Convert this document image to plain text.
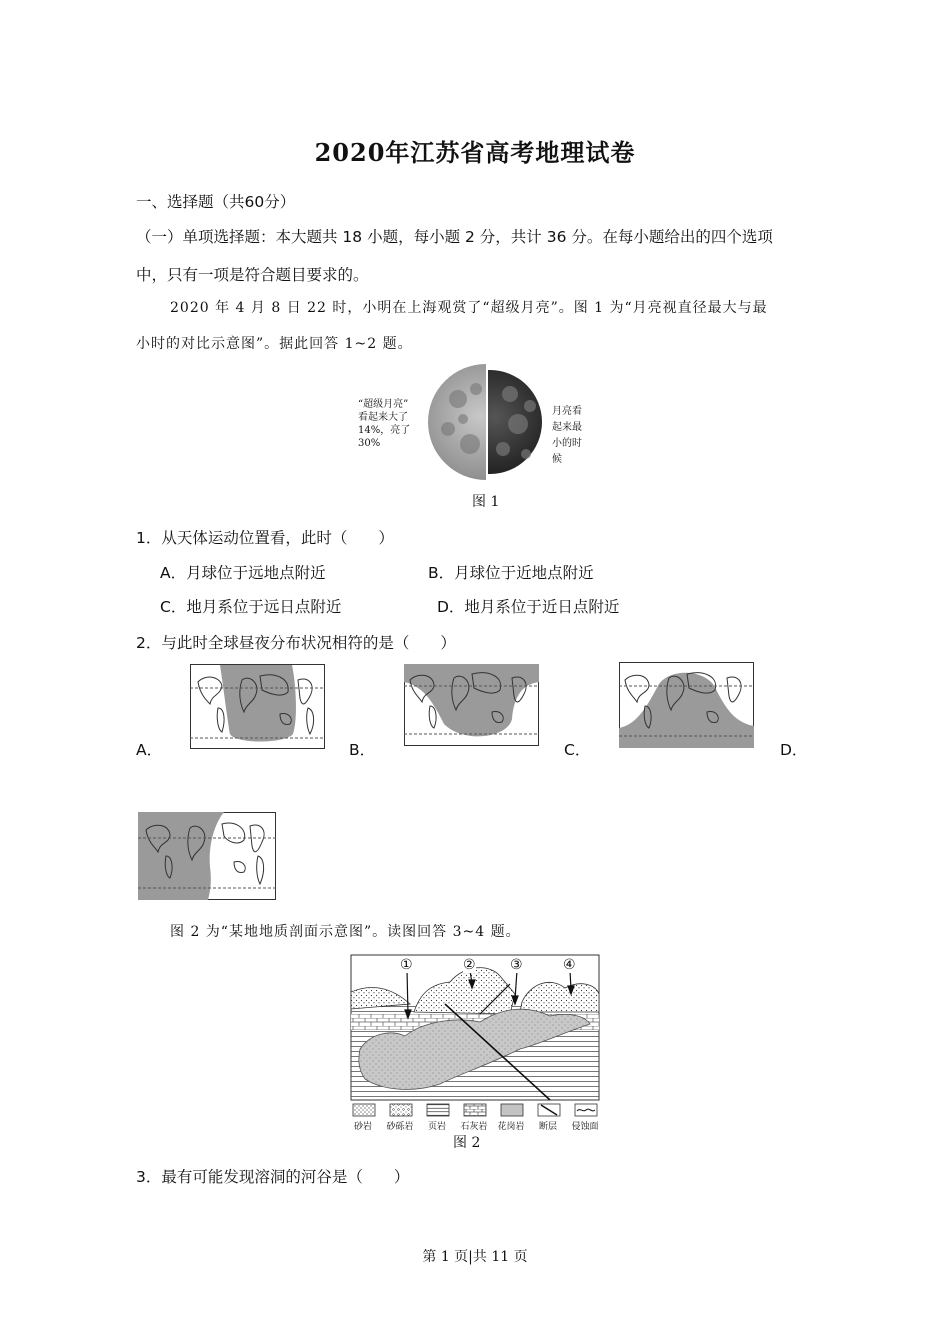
2020年江苏省高考地理试卷
一、选择题（共60分）
（一）单项选择题：本大题共 18 小题，每小题 2 分，共计 36 分。在每小题给出的四个选项
中，只有一项是符合题目要求的。
2020 年 4 月 8 日 22 时，小明在上海观赏了“超级月亮”。图 1 为“月亮视直径最大与最
小时的对比示意图”。据此回答 1~2 题。
“超级月亮”
看起来大了
14%，亮了
30%
月亮看
起来最
小的时
候
图 1
1．从天体运动位置看，此时（　　）
A．月球位于远地点附近	B．月球位于近地点附近
C．地月系位于远日点附近	D．地月系位于近日点附近
2．与此时全球昼夜分布状况相符的是（　　）
A．	B．	C．	D．
图 2 为“某地地质剖面示意图”。读图回答 3~4 题。
①	② ③	④
砂岩	砂砾岩	页岩	石灰岩	花岗岩	断层	侵蚀面
图 2
3．最有可能发现溶洞的河谷是（　　）
第 1 页|共 11 页
